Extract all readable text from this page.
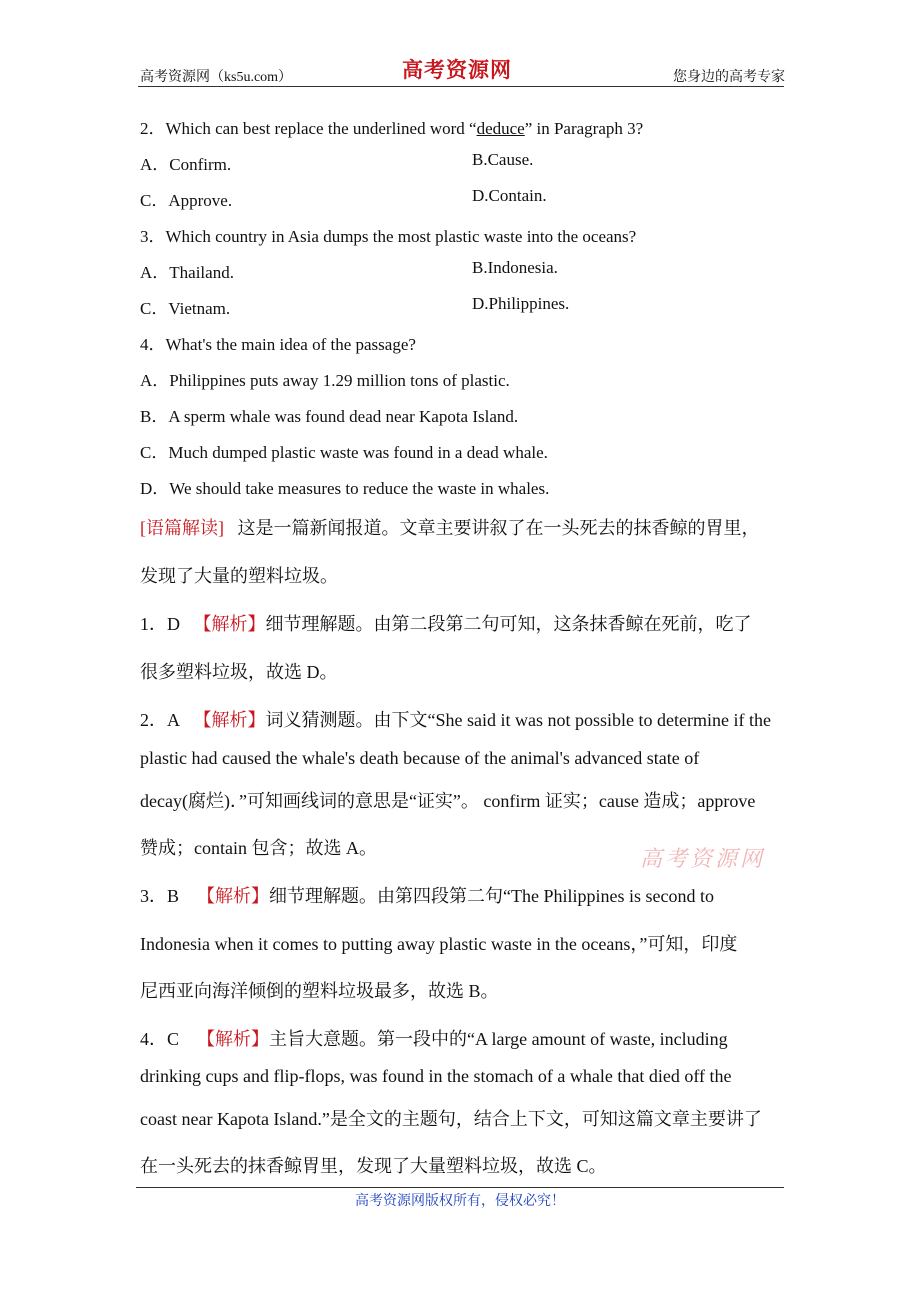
高考资源网（ks5u.com）	高考资源网	您身边的高考专家
2．Which can best replace the underlined word “deduce” in Paragraph 3?
A．Confirm.	B.Cause.
C．Approve.	D.Contain.
3．Which country in Asia dumps the most plastic waste into the oceans?
A．Thailand.	B.Indonesia.
C．Vietnam.	D.Philippines.
4．What's the main idea of the passage?
A．Philippines puts away 1.29 million tons of plastic.
B．A sperm whale was found dead near Kapota Island.
C．Much dumped plastic waste was found in a dead whale.
D．We should take measures to reduce the waste in whales.
[语篇解读] 这是一篇新闻报道。文章主要讲叙了在一头死去的抹香鲸的胃里，
发现了大量的塑料垃圾。
1．D 【解析】细节理解题。由第二段第二句可知，这条抹香鲸在死前，吃了
很多塑料垃圾，故选 D。
2．A 【解析】词义猜测题。由下文“She said it was not possible to determine if the
plastic had caused the whale's death because of the animal's advanced state of
decay(腐烂)．”可知画线词的意思是“证实”。 confirm 证实；cause 造成；approve
赞成；contain 包含；故选 A。	高考资源网
3．B 【解析】细节理解题。由第四段第二句“The Philippines is second to
Indonesia when it comes to putting away plastic waste in the oceans，”可知，印度
尼西亚向海洋倾倒的塑料垃圾最多，故选 B。
4．C 【解析】主旨大意题。第一段中的“A large amount of waste, including
drinking cups and flip-flops, was found in the stomach of a whale that died off the
coast near Kapota Island.”是全文的主题句，结合上下文，可知这篇文章主要讲了
在一头死去的抹香鲸胃里，发现了大量塑料垃圾，故选 C。
高考资源网版权所有，侵权必究！
